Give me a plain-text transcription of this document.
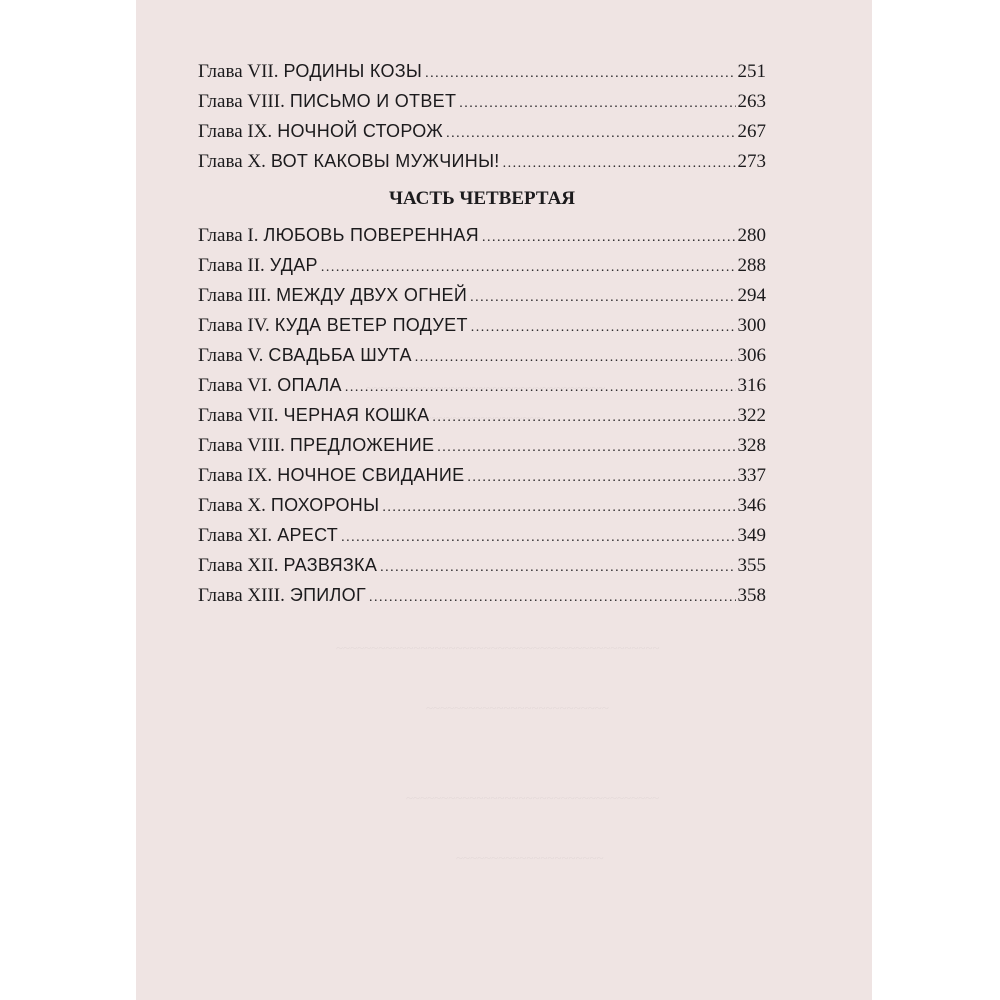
~~~~~~~~~~~~~~~~~~~~~~~~~~~~~~~~~~
~~~~~~~~~~~~~~~~~~~~~
~~~~~~~~~~~~~~~~~~~~~~~~~~~~~~~~~~~~~~~~~~~~~~
~~~~~~~~~~~~~~~~~~~~~~~~~~
~~~~~~~~~~~~~~~~~~~~~~~~~~~~~~~~~~~~
~~~~~~~~~~~~~~~~~~~~~
Глава VII. РОДИНЫ КОЗЫ .....	251
Глава VIII. ПИСЬМО И ОТВЕТ .....	263
Глава IX. НОЧНОЙ СТОРОЖ .....	267
Глава X. ВОТ КАКОВЫ МУЖЧИНЫ! .....	273
ЧАСТЬ ЧЕТВЕРТАЯ
Глава I. ЛЮБОВЬ ПОВЕРЕННАЯ .....	280
Глава II. УДАР .....	288
Глава III. МЕЖДУ ДВУХ ОГНЕЙ .....	294
Глава IV. КУДА ВЕТЕР ПОДУЕТ .....	300
Глава V. СВАДЬБА ШУТА .....	306
Глава VI. ОПАЛА .....	316
Глава VII. ЧЕРНАЯ КОШКА .....	322
Глава VIII. ПРЕДЛОЖЕНИЕ .....	328
Глава IX. НОЧНОЕ СВИДАНИЕ .....	337
Глава X. ПОХОРОНЫ .....	346
Глава XI. АРЕСТ .....	349
Глава XII. РАЗВЯЗКА .....	355
Глава XIII. ЭПИЛОГ .....	358
